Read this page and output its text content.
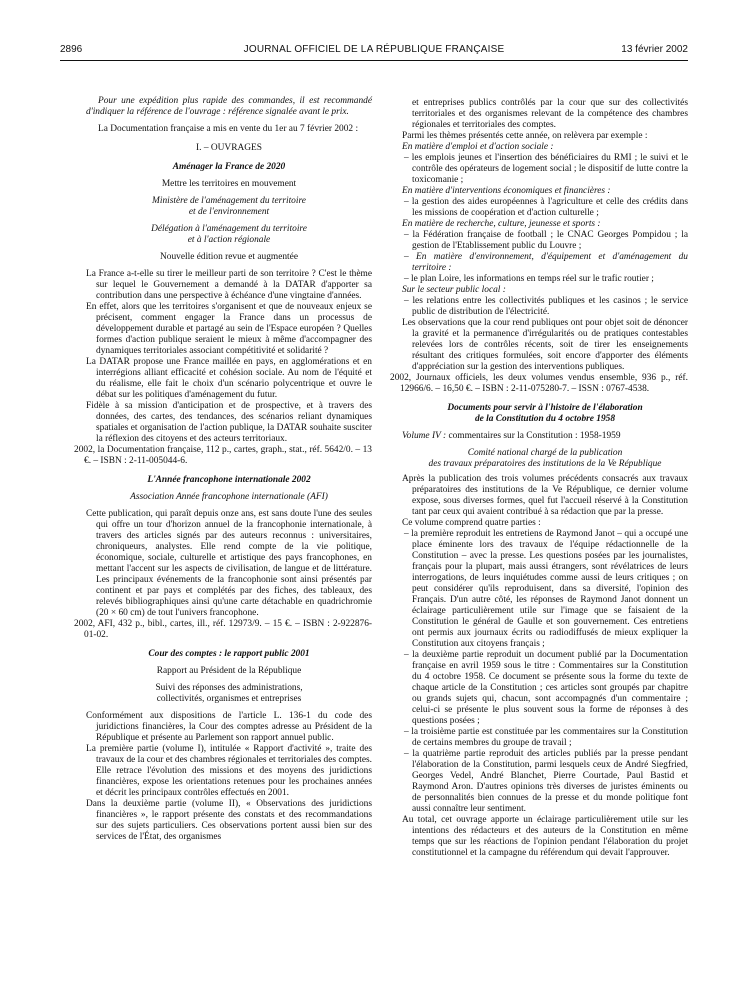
2896	JOURNAL OFFICIEL DE LA RÉPUBLIQUE FRANÇAISE	13 février 2002

Pour une expédition plus rapide des commandes, il est recommandé d'indiquer la référence de l'ouvrage : référence signalée avant le prix.

La Documentation française a mis en vente du 1er au 7 février 2002 :

I. – OUVRAGES

Aménager la France de 2020

Mettre les territoires en mouvement

Ministère de l'aménagement du territoire

et de l'environnement

Délégation à l'aménagement du territoire

et à l'action régionale

Nouvelle édition revue et augmentée

La France a-t-elle su tirer le meilleur parti de son territoire ? C'est le thème sur lequel le Gouvernement a demandé à la DATAR d'apporter sa contribution dans une perspective à échéance d'une vingtaine d'années.

En effet, alors que les territoires s'organisent et que de nouveaux enjeux se précisent, comment engager la France dans un processus de développement durable et partagé au sein de l'Espace européen ? Quelles formes d'action publique seraient le mieux à même d'accompagner des dynamiques territoriales associant compétitivité et solidarité ?

La DATAR propose une France maillée en pays, en agglomérations et en interrégions alliant efficacité et cohésion sociale. Au nom de l'équité et du réalisme, elle fait le choix d'un scénario polycentrique et ouvre le débat sur les politiques d'aménagement du futur.

Fidèle à sa mission d'anticipation et de prospective, et à travers des données, des cartes, des tendances, des scénarios reliant dynamiques spatiales et organisation de l'action publique, la DATAR souhaite susciter la réflexion des citoyens et des acteurs territoriaux.

2002, la Documentation française, 112 p., cartes, graph., stat., réf. 5642/0. – 13 €. – ISBN : 2-11-005044-6.

L'Année francophone internationale 2002

Association Année francophone internationale (AFI)

Cette publication, qui paraît depuis onze ans, est sans doute l'une des seules qui offre un tour d'horizon annuel de la francophonie internationale, à travers des articles signés par des auteurs reconnus : universitaires, chroniqueurs, analystes. Elle rend compte de la vie politique, économique, sociale, culturelle et artistique des pays francophones, en mettant l'accent sur les aspects de civilisation, de langue et de littérature. Les principaux événements de la francophonie sont ainsi présentés par continent et par pays et complétés par des fiches, des tableaux, des relevés bibliographiques ainsi qu'une carte détachable en quadrichromie (20 × 60 cm) de tout l'univers francophone.

2002, AFI, 432 p., bibl., cartes, ill., réf. 12973/9. – 15 €. – ISBN : 2-922876-01-02.

Cour des comptes : le rapport public 2001

Rapport au Président de la République

Suivi des réponses des administrations,

collectivités, organismes et entreprises

Conformément aux dispositions de l'article L. 136-1 du code des juridictions financières, la Cour des comptes adresse au Président de la République et présente au Parlement son rapport annuel public.

La première partie (volume I), intitulée « Rapport d'activité », traite des travaux de la cour et des chambres régionales et territoriales des comptes. Elle retrace l'évolution des missions et des moyens des juridictions financières, expose les orientations retenues pour les prochaines années et décrit les principaux contrôles effectués en 2001.

Dans la deuxième partie (volume II), « Observations des juridictions financières », le rapport présente des constats et des recommandations sur des sujets particuliers. Ces observations portent aussi bien sur des services de l'État, des organismes

et entreprises publics contrôlés par la cour que sur des collectivités territoriales et des organismes relevant de la compétence des chambres régionales et territoriales des comptes.

Parmi les thèmes présentés cette année, on relèvera par exemple :

En matière d'emploi et d'action sociale :

– les emplois jeunes et l'insertion des bénéficiaires du RMI ; le suivi et le contrôle des opérateurs de logement social ; le dispositif de lutte contre la toxicomanie ;

En matière d'interventions économiques et financières :

– la gestion des aides européennes à l'agriculture et celle des crédits dans les missions de coopération et d'action culturelle ;

En matière de recherche, culture, jeunesse et sports :

– la Fédération française de football ; le CNAC Georges Pompidou ; la gestion de l'Etablissement public du Louvre ;

– En matière d'environnement, d'équipement et d'aménagement du territoire :

– le plan Loire, les informations en temps réel sur le trafic routier ;

Sur le secteur public local :

– les relations entre les collectivités publiques et les casinos ; le service public de distribution de l'électricité.

Les observations que la cour rend publiques ont pour objet soit de dénoncer la gravité et la permanence d'irrégularités ou de pratiques contestables relevées lors de contrôles récents, soit de tirer les enseignements résultant des critiques formulées, soit encore d'apporter des éléments d'appréciation sur la gestion des interventions publiques.

2002, Journaux officiels, les deux volumes vendus ensemble, 936 p., réf. 12966/6. – 16,50 €. – ISBN : 2-11-075280-7. – ISSN : 0767-4538.

Documents pour servir à l'histoire de l'élaboration

de la Constitution du 4 octobre 1958

Volume IV : commentaires sur la Constitution : 1958-1959

Comité national chargé de la publication

des travaux préparatoires des institutions de la Ve République

Après la publication des trois volumes précédents consacrés aux travaux préparatoires des institutions de la Ve République, ce dernier volume expose, sous diverses formes, quel fut l'accueil réservé à la Constitution tant par ceux qui avaient contribué à sa rédaction que par la presse.

Ce volume comprend quatre parties :

– la première reproduit les entretiens de Raymond Janot – qui a occupé une place éminente lors des travaux de l'équipe rédactionnelle de la Constitution – avec la presse. Les questions posées par les journalistes, français pour la plupart, mais aussi étrangers, sont révélatrices de leurs interrogations, de leurs inquiétudes comme aussi de leurs critiques ; on peut considérer qu'ils reproduisent, dans sa diversité, l'opinion des Français. D'un autre côté, les réponses de Raymond Janot donnent un éclairage particulièrement utile sur l'image que se faisaient de la Constitution le général de Gaulle et son gouvernement. Ces entretiens ont permis aux journaux écrits ou radiodiffusés de mieux expliquer la Constitution aux citoyens français ;

– la deuxième partie reproduit un document publié par la Documentation française en avril 1959 sous le titre : Commentaires sur la Constitution du 4 octobre 1958. Ce document se présente sous la forme du texte de chaque article de la Constitution ; ces articles sont groupés par chapitre ou grands sujets qui, chacun, sont accompagnés d'un commentaire ; celui-ci se présente le plus souvent sous la forme de réponses à des questions posées ;

– la troisième partie est constituée par les commentaires sur la Constitution de certains membres du groupe de travail ;

– la quatrième partie reproduit des articles publiés par la presse pendant l'élaboration de la Constitution, parmi lesquels ceux de André Siegfried, Georges Vedel, André Blanchet, Pierre Courtade, Paul Bastid et Raymond Aron. D'autres opinions très diverses de juristes éminents ou de personnalités bien connues de la presse et du monde politique font aussi connaître leur sentiment.

Au total, cet ouvrage apporte un éclairage particulièrement utile sur les intentions des rédacteurs et des auteurs de la Constitution en même temps que sur les réactions de l'opinion pendant l'élaboration du projet constitutionnel et la campagne du référendum qui devait l'approuver.
